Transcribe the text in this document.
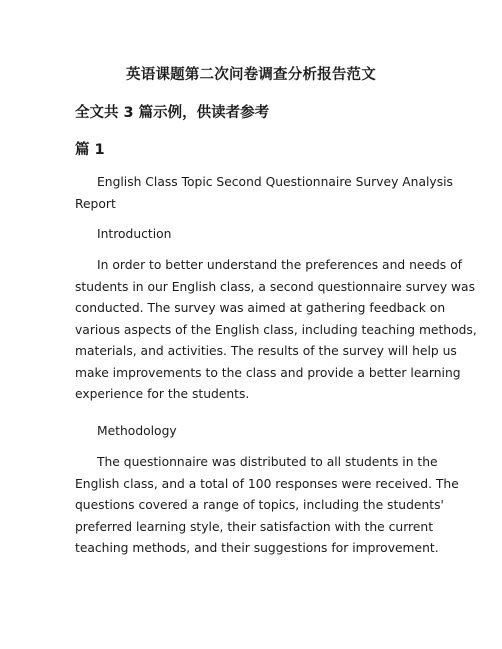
英语课题第二次问卷调查分析报告范文
全文共 3 篇示例，供读者参考
篇 1
English Class Topic Second Questionnaire Survey Analysis
Report
Introduction
In order to better understand the preferences and needs of
students in our English class, a second questionnaire survey was
conducted. The survey was aimed at gathering feedback on
various aspects of the English class, including teaching methods,
materials, and activities. The results of the survey will help us
make improvements to the class and provide a better learning
experience for the students.
Methodology
The questionnaire was distributed to all students in the
English class, and a total of 100 responses were received. The
questions covered a range of topics, including the students'
preferred learning style, their satisfaction with the current
teaching methods, and their suggestions for improvement.
